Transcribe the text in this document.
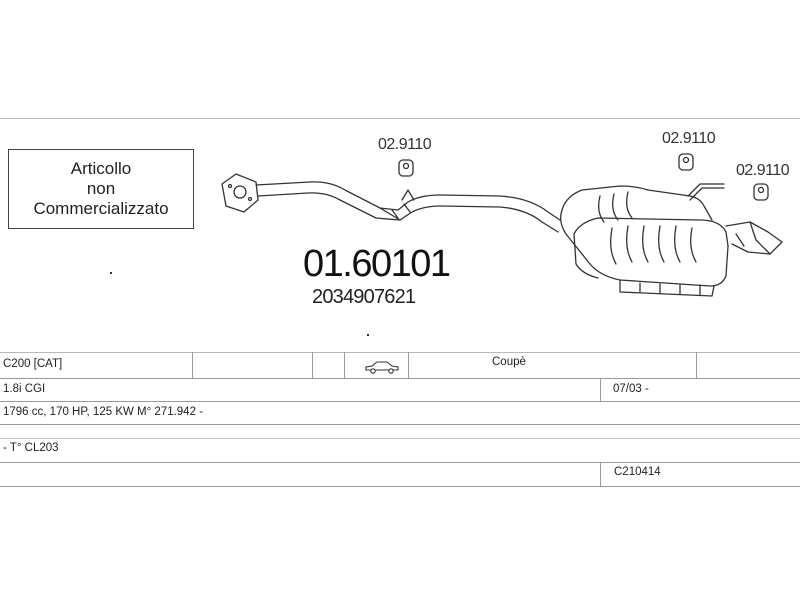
Articollo
non
Commercializzato
02.9110	02.9110
02.9110
01.60101
2034907621
C200 [CAT]	Coupè
1.8i CGI	07/03 -
1796 cc, 170 HP, 125 KW M° 271.942 -
- T° CL203
C210414
